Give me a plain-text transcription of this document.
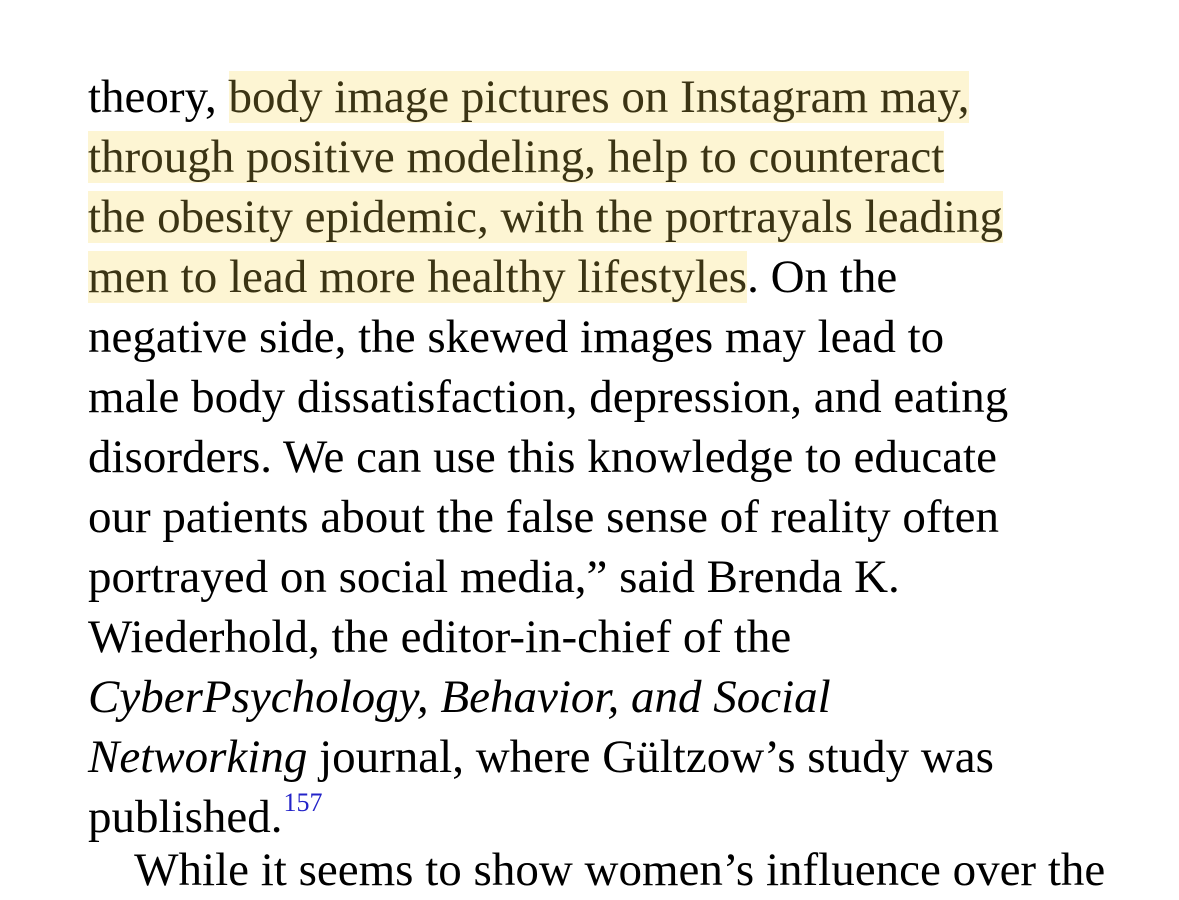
theory, body image pictures on Instagram may,
through positive modeling, help to counteract
the obesity epidemic, with the portrayals leading
men to lead more healthy lifestyles. On the
negative side, the skewed images may lead to
male body dissatisfaction, depression, and eating
disorders. We can use this knowledge to educate
our patients about the false sense of reality often
portrayed on social media,” said Brenda K.
Wiederhold, the editor-in-chief of the
CyberPsychology, Behavior, and Social
Networking journal, where Gültzow’s study was
published.$^{157}$
While it seems to show women’s influence over the
